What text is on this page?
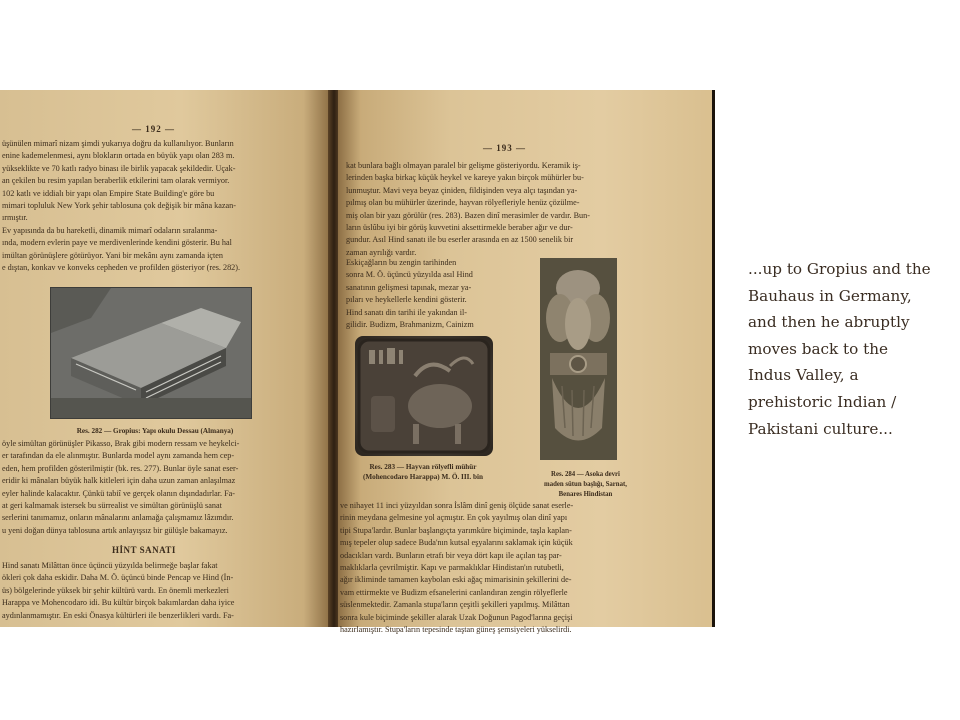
— 192 —
üşünülen mimarî nizam şimdi yukarıya doğru da kullanılıyor. Bunların
enine kademelenmesi, aynı blokların ortada en büyük yapı olan 283 m.
yükseklikte ve 70 katlı radyo binası ile birlik yapacak şekildedir. Uçak-
an çekilen bu resim yapılan beraberlik etkilerini tam olarak vermiyor.
102 katlı ve iddialı bir yapı olan Empire State Building'e göre bu
mimari topluluk New York şehir tablosuna çok değişik bir mâna kazan-
ırmıştır.
Ev yapısında da bu hareketli, dinamik mimarî odaların sıralanma-
ında, modern evlerin paye ve merdivenlerinde kendini gösterir. Bu hal
imültan görünüşlere götürüyor. Yani bir mekânı aynı zamanda içten
e dıştan, konkav ve konveks cepheden ve profilden gösteriyor (res. 282).
Res. 282 — Gropius: Yapı okulu Dessau (Almanya)
öyle simültan görünüşler Pikasso, Brak gibi modern ressam ve heykelci-
er tarafından da ele alınmıştır. Bunlarda model aynı zamanda hem cep-
eden, hem profilden gösterilmiştir (bk. res. 277). Bunlar öyle sanat eser-
eridir ki mânaları büyük halk kitleleri için daha uzun zaman anlaşılmaz
eyler halinde kalacaktır. Çünkü tabiî ve gerçek olanın dışındadırlar. Fa-
at geri kalmamak istersek bu sürrealist ve simültan görünüşlü sanat
serlerini tanımamız, onların mânalarını anlamağa çalışmamız lâzımdır.
u yeni doğan dünya tablosuna artık anlayışsız bir gülüşle bakamayız.
HİNT SANATI
Hind sanatı Milâttan önce üçüncü yüzyılda belirmeğe başlar fakat
ökleri çok daha eskidir. Daha M. Ö. üçüncü binde Pencap ve Hind (İn-
üs) bölgelerinde yüksek bir şehir kültürü vardı. En önemli merkezleri
Harappa ve Mohencodaro idi. Bu kültür birçok bakımlardan daha iyice
aydınlanmamıştır. En eski Önasya kültürleri ile benzerlikleri vardı. Fa-
— 193 —
kat bunlara bağlı olmayan paralel bir gelişme gösteriyordu. Keramik iş-
lerinden başka birkaç küçük heykel ve kareye yakın birçok mühürler bu-
lunmuştur. Mavi veya beyaz çiniden, fildişinden veya alçı taşından ya-
pılmış olan bu mühürler üzerinde, hayvan rölyefleriyle henüz çözülme-
miş olan bir yazı görülür (res. 283). Bazen dinî merasimler de vardır. Bun-
ların üslûbu iyi bir görüş kuvvetini aksettirmekle beraber ağır ve dur-
gundur. Asıl Hind sanatı ile bu eserler arasında en az 1500 senelik bir
zaman ayrılığı vardır.
Eskiçağların bu zengin tarihinden
sonra M. Ö. üçüncü yüzyılda asıl Hind
sanatının gelişmesi tapınak, mezar ya-
pıları ve heykellerle kendini gösterir.
Hind sanatı din tarihi ile yakından il-
gilidir. Budizm, Brahmanizm, Cainizm
Res. 283 — Hayvan rölyefli mühür
(Mohencodaro Harappa) M. Ö. III. bin	Res. 284 — Asoka devri
maden sütun başlığı, Sarnat,
Benares Hindistan
ve nihayet 11 inci yüzyıldan sonra İslâm dinî geniş ölçüde sanat eserle-
rinin meydana gelmesine yol açmıştır. En çok yayılmış olan dinî yapı
tipi Stupa'lardır. Bunlar başlangıçta yarımküre biçiminde, taşla kaplan-
mış tepeler olup sadece Buda'nın kutsal eşyalarını saklamak için küçük
odacıkları vardı. Bunların etrafı bir veya dört kapı ile açılan taş par-
maklıklarla çevrilmiştir. Kapı ve parmaklıklar Hindistan'ın rutubetli,
ağır ikliminde tamamen kaybolan eski ağaç mimarisinin şekillerini de-
vam ettirmekte ve Budizm efsanelerini canlandıran zengin rölyeflerle
süslenmektedir. Zamanla stupa'ların çeşitli şekilleri yapılmış. Milâttan
sonra kule biçiminde şekiller alarak Uzak Doğunun Pagod'larına geçişi
hazırlamıştır. Stupa'ların tepesinde taştan güneş şemsiyeleri yükselirdi.
...up to Gropius and the
Bauhaus in Germany,
and then he abruptly
moves back to the
Indus Valley, a
prehistoric Indian /
Pakistani culture...
